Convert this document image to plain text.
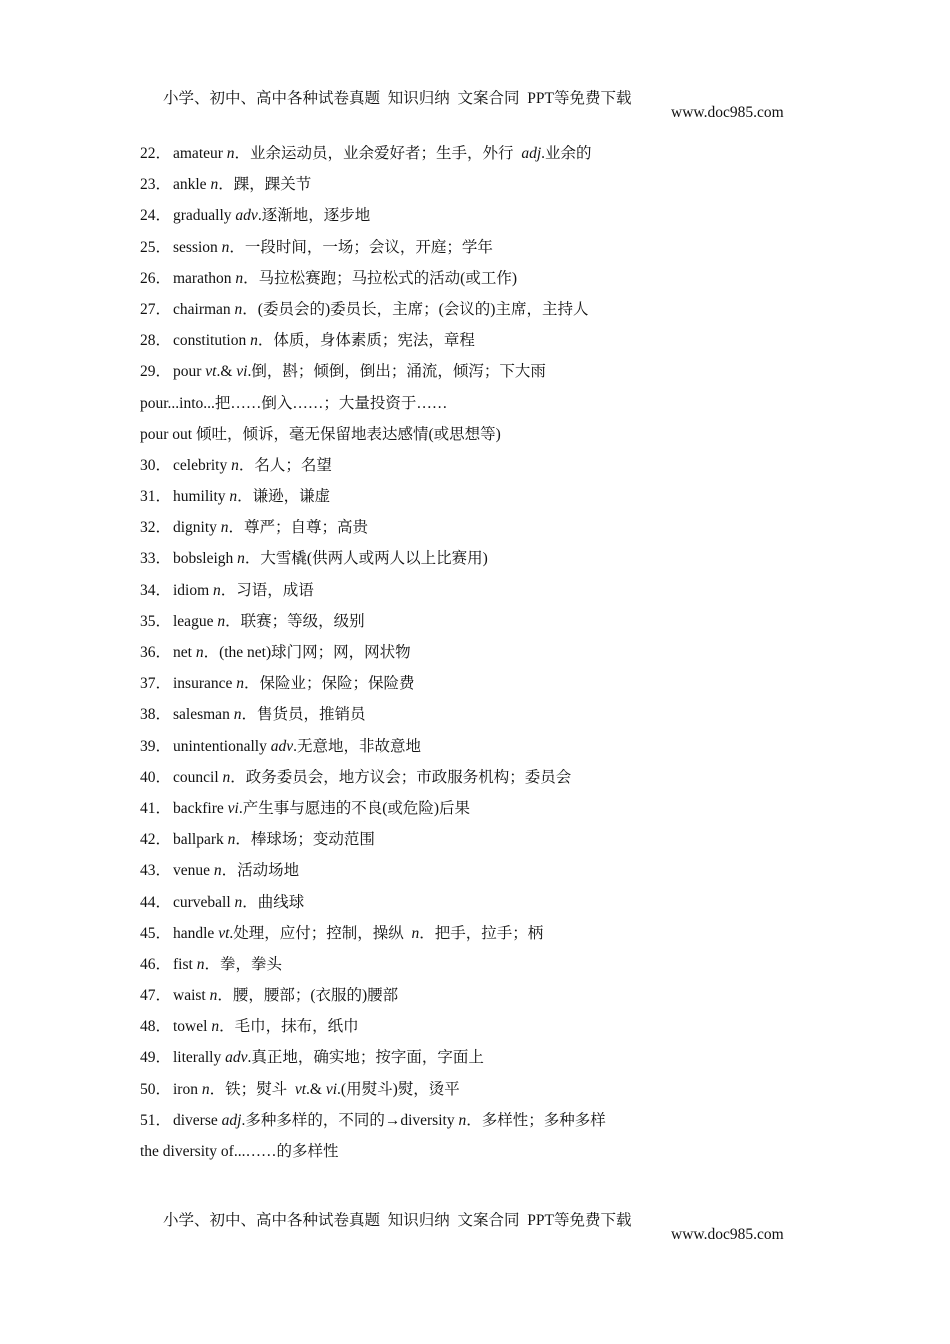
小学、初中、高中各种试卷真题  知识归纳  文案合同  PPT等免费下载

www.doc985.com

22． amateur n．业余运动员，业余爱好者；生手，外行  adj.业余的
23． ankle n．踝，踝关节
24． gradually adv.逐渐地，逐步地
25． session n．一段时间，一场；会议，开庭；学年
26． marathon n．马拉松赛跑；马拉松式的活动(或工作)
27． chairman n．(委员会的)委员长，主席；(会议的)主席，主持人
28． constitution n．体质，身体素质；宪法，章程
29． pour vt.& vi.倒，斟；倾倒，倒出；涌流，倾泻；下大雨
pour...into...把……倒入……；大量投资于……
pour out 倾吐，倾诉，毫无保留地表达感情(或思想等)
30． celebrity n．名人；名望
31． humility n．谦逊，谦虚
32． dignity n．尊严；自尊；高贵
33． bobsleigh n．大雪橇(供两人或两人以上比赛用)
34． idiom n．习语，成语
35． league n．联赛；等级，级别
36． net n．(the net)球门网；网，网状物
37． insurance n．保险业；保险；保险费
38． salesman n．售货员，推销员
39． unintentionally adv.无意地，非故意地
40． council n．政务委员会，地方议会；市政服务机构；委员会
41． backfire vi.产生事与愿违的不良(或危险)后果
42． ballpark n．棒球场；变动范围
43． venue n．活动场地
44． curveball n．曲线球
45． handle vt.处理，应付；控制，操纵  n．把手，拉手；柄
46． fist n．拳，拳头
47． waist n．腰，腰部；(衣服的)腰部
48． towel n．毛巾，抹布，纸巾
49． literally adv.真正地，确实地；按字面，字面上
50． iron n．铁；熨斗  vt.& vi.(用熨斗)熨，烫平
51． diverse adj.多种多样的，不同的→diversity n．多样性；多种多样
the diversity of...……的多样性

小学、初中、高中各种试卷真题  知识归纳  文案合同  PPT等免费下载

www.doc985.com
